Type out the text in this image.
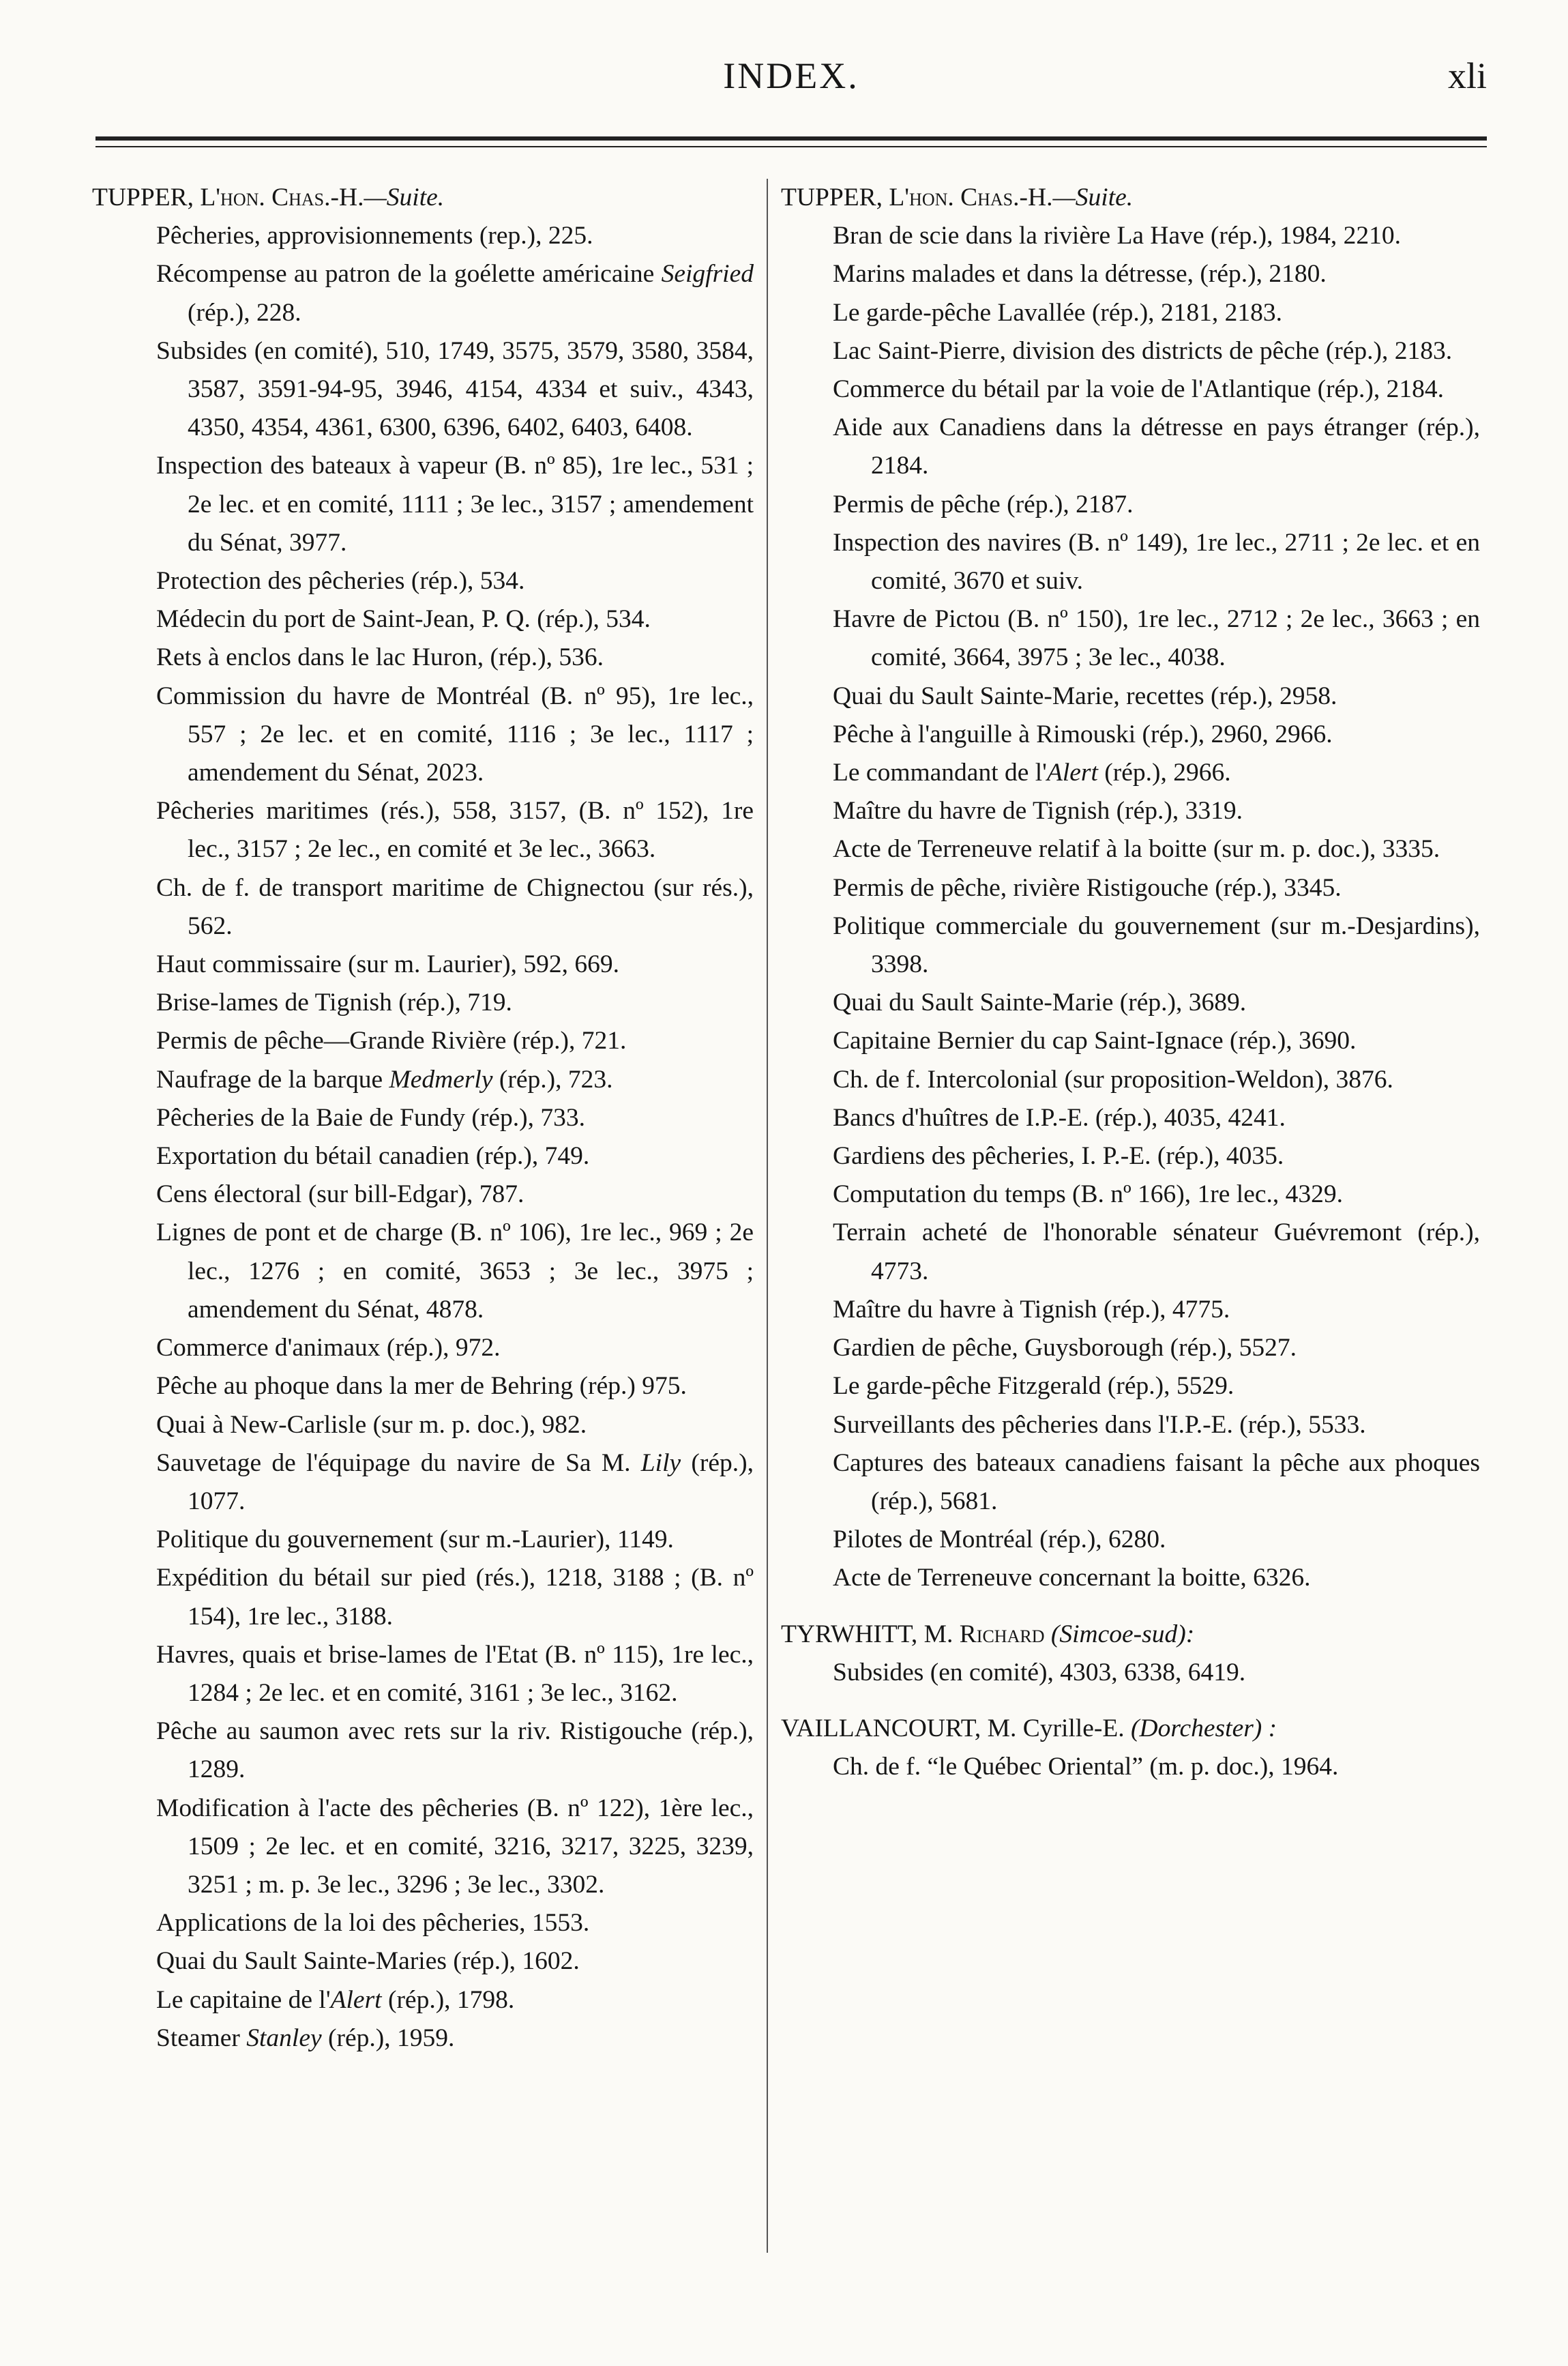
INDEX.	xli

TUPPER, L'hon. Chas.-H.—Suite.

Pêcheries, approvisionnements (rep.), 225.

Récompense au patron de la goélette américaine Seigfried (rép.), 228.

Subsides (en comité), 510, 1749, 3575, 3579, 3580, 3584, 3587, 3591-94-95, 3946, 4154, 4334 et suiv., 4343, 4350, 4354, 4361, 6300, 6396, 6402, 6403, 6408.

Inspection des bateaux à vapeur (B. nº 85), 1re lec., 531 ; 2e lec. et en comité, 1111 ; 3e lec., 3157 ; amendement du Sénat, 3977.

Protection des pêcheries (rép.), 534.

Médecin du port de Saint-Jean, P. Q. (rép.), 534.

Rets à enclos dans le lac Huron, (rép.), 536.

Commission du havre de Montréal (B. nº 95), 1re lec., 557 ; 2e lec. et en comité, 1116 ; 3e lec., 1117 ; amendement du Sénat, 2023.

Pêcheries maritimes (rés.), 558, 3157, (B. nº 152), 1re lec., 3157 ; 2e lec., en comité et 3e lec., 3663.

Ch. de f. de transport maritime de Chignectou (sur rés.), 562.

Haut commissaire (sur m. Laurier), 592, 669.

Brise-lames de Tignish (rép.), 719.

Permis de pêche—Grande Rivière (rép.), 721.

Naufrage de la barque Medmerly (rép.), 723.

Pêcheries de la Baie de Fundy (rép.), 733.

Exportation du bétail canadien (rép.), 749.

Cens électoral (sur bill-Edgar), 787.

Lignes de pont et de charge (B. nº 106), 1re lec., 969 ; 2e lec., 1276 ; en comité, 3653 ; 3e lec., 3975 ; amendement du Sénat, 4878.

Commerce d'animaux (rép.), 972.

Pêche au phoque dans la mer de Behring (rép.) 975.

Quai à New-Carlisle (sur m. p. doc.), 982.

Sauvetage de l'équipage du navire de Sa M. Lily (rép.), 1077.

Politique du gouvernement (sur m.-Laurier), 1149.

Expédition du bétail sur pied (rés.), 1218, 3188 ; (B. nº 154), 1re lec., 3188.

Havres, quais et brise-lames de l'Etat (B. nº 115), 1re lec., 1284 ; 2e lec. et en comité, 3161 ; 3e lec., 3162.

Pêche au saumon avec rets sur la riv. Ristigouche (rép.), 1289.

Modification à l'acte des pêcheries (B. nº 122), 1ère lec., 1509 ; 2e lec. et en comité, 3216, 3217, 3225, 3239, 3251 ; m. p. 3e lec., 3296 ; 3e lec., 3302.

Applications de la loi des pêcheries, 1553.

Quai du Sault Sainte-Maries (rép.), 1602.

Le capitaine de l'Alert (rép.), 1798.

Steamer Stanley (rép.), 1959.

TUPPER, L'hon. Chas.-H.—Suite.

Bran de scie dans la rivière La Have (rép.), 1984, 2210.

Marins malades et dans la détresse, (rép.), 2180.

Le garde-pêche Lavallée (rép.), 2181, 2183.

Lac Saint-Pierre, division des districts de pêche (rép.), 2183.

Commerce du bétail par la voie de l'Atlantique (rép.), 2184.

Aide aux Canadiens dans la détresse en pays étranger (rép.), 2184.

Permis de pêche (rép.), 2187.

Inspection des navires (B. nº 149), 1re lec., 2711 ; 2e lec. et en comité, 3670 et suiv.

Havre de Pictou (B. nº 150), 1re lec., 2712 ; 2e lec., 3663 ; en comité, 3664, 3975 ; 3e lec., 4038.

Quai du Sault Sainte-Marie, recettes (rép.), 2958.

Pêche à l'anguille à Rimouski (rép.), 2960, 2966.

Le commandant de l'Alert (rép.), 2966.

Maître du havre de Tignish (rép.), 3319.

Acte de Terreneuve relatif à la boitte (sur m. p. doc.), 3335.

Permis de pêche, rivière Ristigouche (rép.), 3345.

Politique commerciale du gouvernement (sur m.-Desjardins), 3398.

Quai du Sault Sainte-Marie (rép.), 3689.

Capitaine Bernier du cap Saint-Ignace (rép.), 3690.

Ch. de f. Intercolonial (sur proposition-Weldon), 3876.

Bancs d'huîtres de I.P.-E. (rép.), 4035, 4241.

Gardiens des pêcheries, I. P.-E. (rép.), 4035.

Computation du temps (B. nº 166), 1re lec., 4329.

Terrain acheté de l'honorable sénateur Guévremont (rép.), 4773.

Maître du havre à Tignish (rép.), 4775.

Gardien de pêche, Guysborough (rép.), 5527.

Le garde-pêche Fitzgerald (rép.), 5529.

Surveillants des pêcheries dans l'I.P.-E. (rép.), 5533.

Captures des bateaux canadiens faisant la pêche aux phoques (rép.), 5681.

Pilotes de Montréal (rép.), 6280.

Acte de Terreneuve concernant la boitte, 6326.

TYRWHITT, M. Richard (Simcoe-sud):

Subsides (en comité), 4303, 6338, 6419.

VAILLANCOURT, M. Cyrille-E. (Dorchester) :

Ch. de f. “le Québec Oriental” (m. p. doc.), 1964.
